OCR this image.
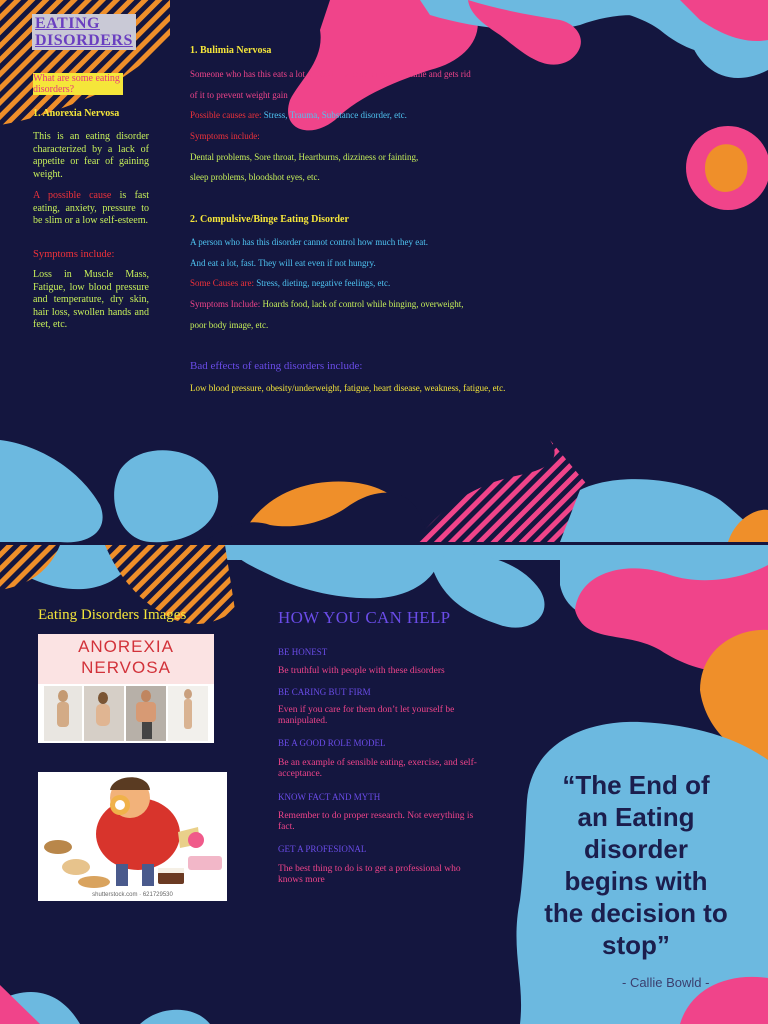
EATING
DISORDERS
What are some eating disorders?
1. Anorexia Nervosa
This is an eating disorder characterized by a lack of appetite or fear of gaining weight.
A possible cause is fast eating, anxiety, pressure to be slim or a low self-esteem.
Symptoms include:
Loss in Muscle Mass, Fatigue, low blood pressure and temperature, dry skin, hair loss, swollen hands and feet, etc.
1. Bulimia Nervosa
Someone who has this eats a lot of food in a short amount of time and gets rid
of it to prevent weight gain
Possible causes are: Stress, Trauma, Substance disorder, etc.
Symptoms include:
Dental problems, Sore throat, Heartburns, dizziness or fainting,
sleep problems, bloodshot eyes, etc.
2. Compulsive/Binge Eating Disorder
A person who has this disorder cannot control how much they eat.
And eat a lot, fast. They will eat even if not hungry.
Some Causes are: Stress, dieting, negative feelings, etc.
Symptoms Include: Hoards food, lack of control while binging, overweight,
poor body image, etc.
Bad effects of eating disorders include:
Low blood pressure, obesity/underweight, fatigue, heart disease, weakness, fatigue, etc.
Eating Disorders Images
ANOREXIA
NERVOSA
shutterstock.com · 621729530
HOW YOU CAN HELP
BE HONEST
Be truthful with people with these disorders
BE CARING BUT FIRM
Even if you care for them don’t let yourself be manipulated.
BE A GOOD ROLE MODEL
Be an example of sensible eating, exercise, and self-acceptance.
KNOW FACT AND MYTH
Remember to do proper research. Not everything is fact.
GET A PROFESIONAL
The best thing to do is to get a professional who knows more
“The End of an Eating disorder begins with the decision to stop”
- Callie Bowld -
